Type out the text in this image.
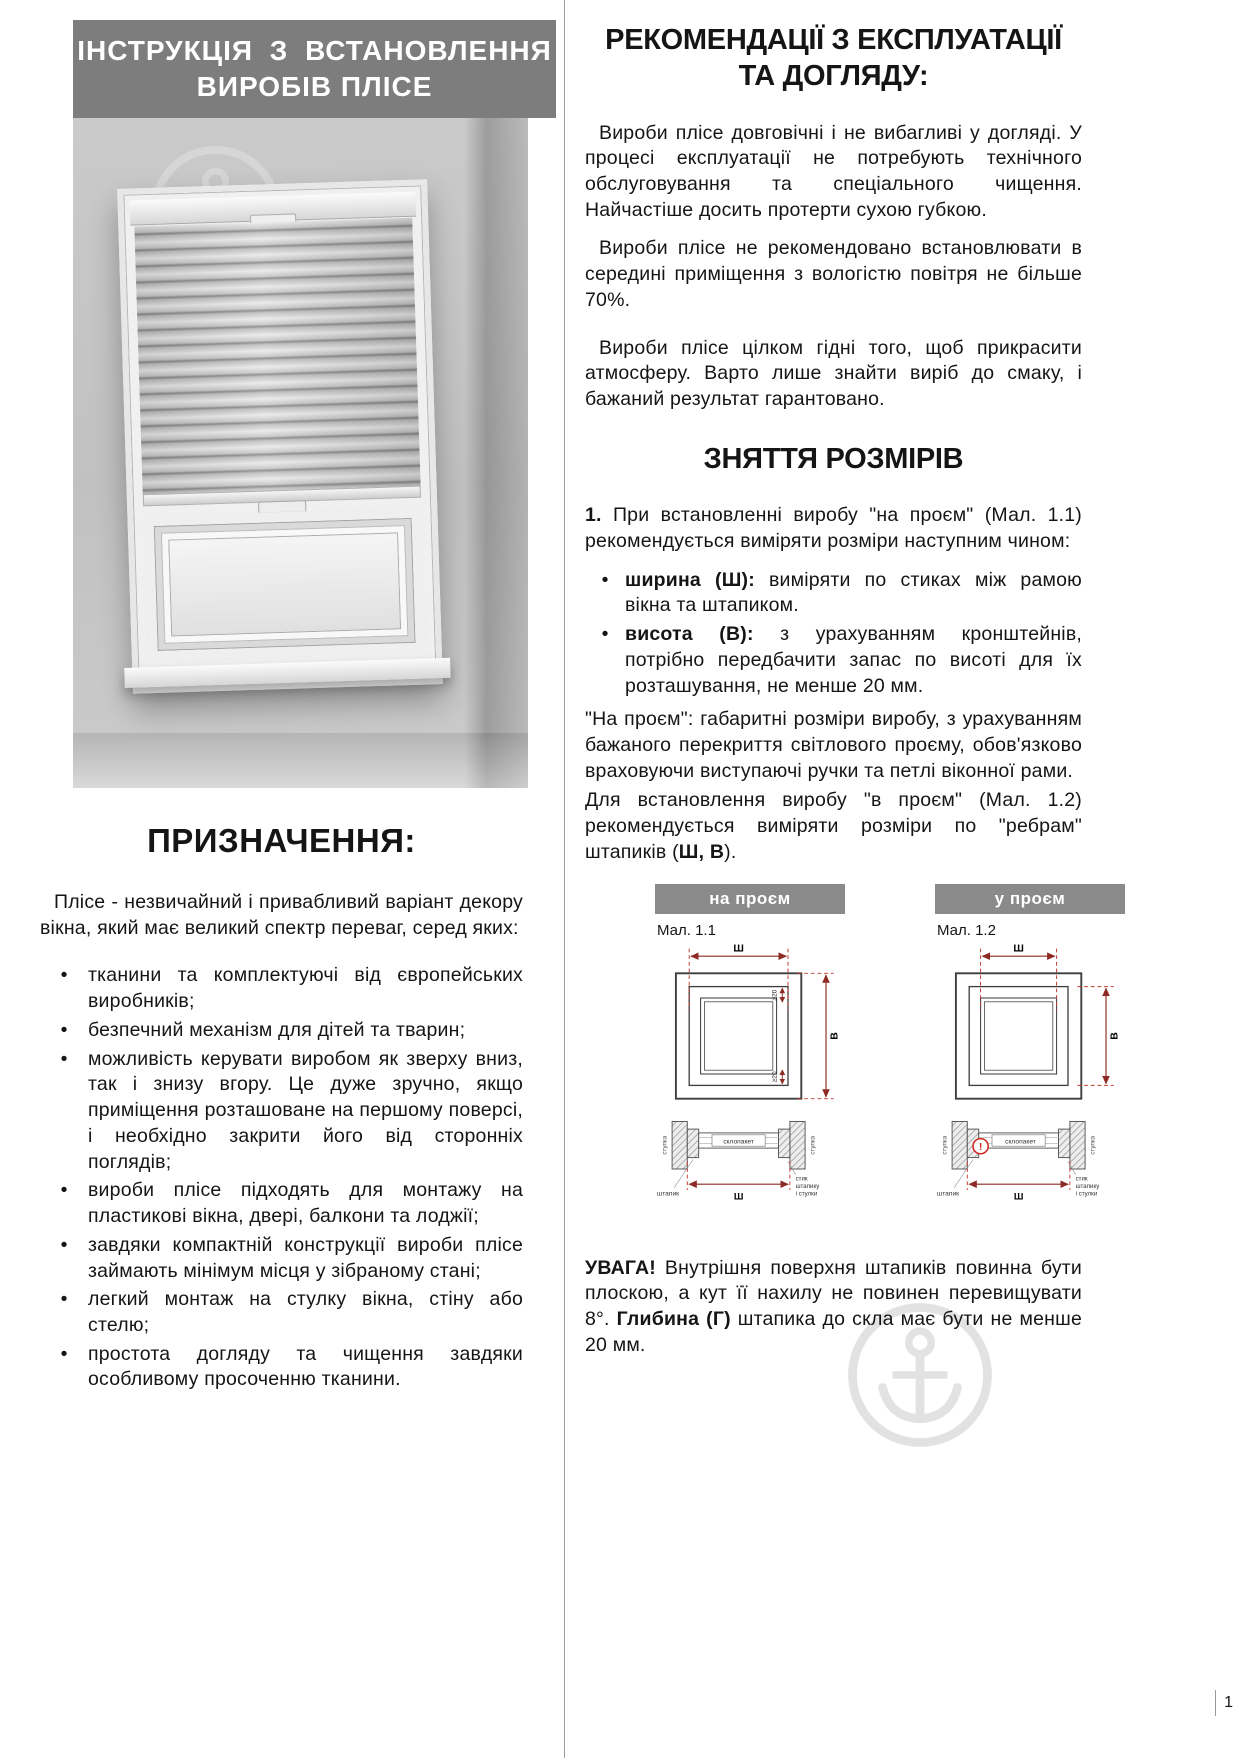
ІНСТРУКЦІЯ З ВСТАНОВЛЕННЯ
ВИРОБІВ ПЛІСЕ
ПРИЗНАЧЕННЯ:

Плісе - незвичайний і привабливий варіант декору вікна, який має великий спектр переваг, серед яких:

•	тканини та комплектуючі від європейських виробників;
•	безпечний механізм для дітей та тварин;
•	можливість керувати виробом як зверху вниз, так і знизу вгору. Це дуже зручно, якщо приміщення розташоване на першому поверсі, і необхідно закрити його від сторонніх поглядів;
•	вироби плісе підходять для монтажу на пластикові вікна, двері, балкони та лоджії;
•	завдяки компактній конструкції вироби плісе займають мінімум місця у зібраному стані;
•	легкий монтаж на стулку вікна, стіну або стелю;
•	простота догляду та чищення завдяки особливому просоченню тканини.
РЕКОМЕНДАЦІЇ З ЕКСПЛУАТАЦІЇ
ТА ДОГЛЯДУ:

Вироби плісе довговічні і не вибагливі у догляді. У процесі експлуатації не потребують технічного обслуговування та спеціального чищення. Найчастіше досить протерти сухою губкою.

Вироби плісе не рекомендовано встановлювати в середині приміщення з вологістю повітря не більше 70%.

Вироби плісе цілком гідні того, щоб прикрасити атмосферу. Варто лише знайти виріб до смаку, і бажаний результат гарантовано.

ЗНЯТТЯ РОЗМІРІВ

1. При встановленні виробу "на проєм" (Мал. 1.1) рекомендується виміряти розміри наступним чином:

• ширина (Ш): виміряти по стиках між рамою вікна та штапиком.
• висота (В): з урахуванням кронштейнів, потрібно передбачити запас по висоті для їх розташування, не менше 20 мм.

"На проєм": габаритні розміри виробу, з урахуванням бажаного перекриття світлового проєму, обов'язково враховуючи виступаючі ручки та петлі віконної рами.

Для встановлення виробу "в проєм" (Мал. 1.2) рекомендується виміряти розміри по "ребрам" штапиків (Ш, В).

на проєм
Мал. 1.1
Ш
В
≥20
≥20
склопакет
стулка	стулка
Ш
штапик
стик штапику і стулки
у проєм
Мал. 1.2
Ш
В
склопакет
!
стулка	стулка
Ш
штапик
стик штапику і стулки

УВАГА! Внутрішня поверхня штапиків повинна бути плоскою, а кут її нахилу не повинен перевищувати 8°. Глибина (Г) штапика до скла має бути не менше 20 мм.

1
